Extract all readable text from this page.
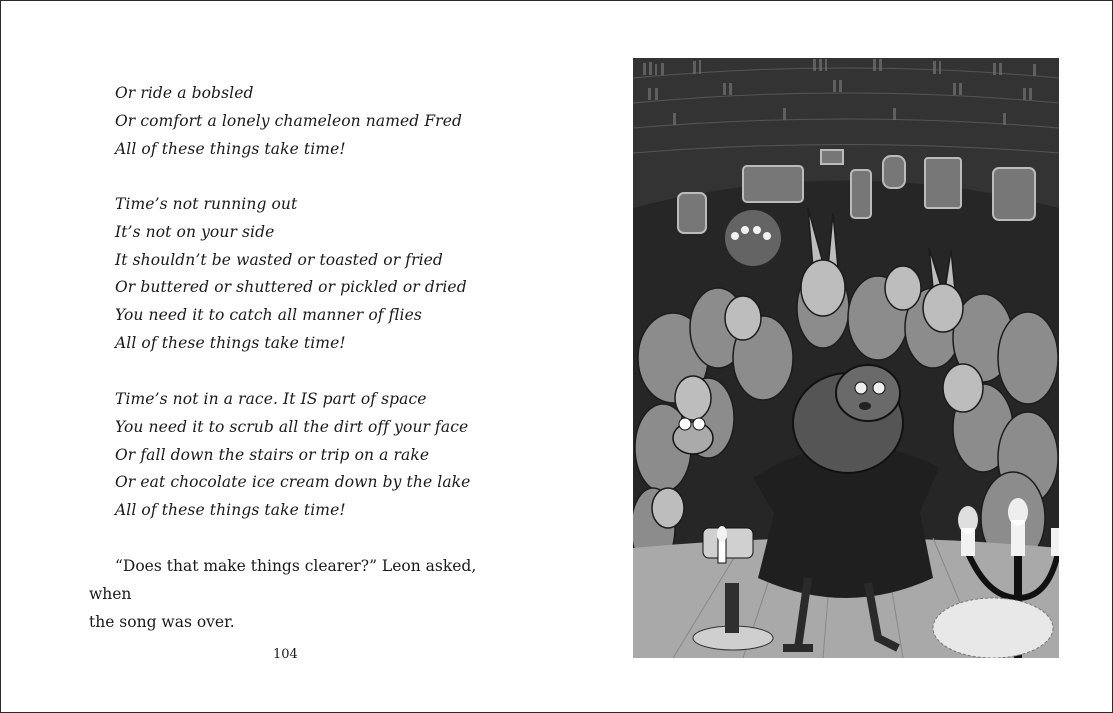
Or ride a bobsled
Or comfort a lonely chameleon named Fred
All of these things take time!
Time’s not running out
It’s not on your side
It shouldn’t be wasted or toasted or fried
Or buttered or shuttered or pickled or dried
You need it to catch all manner of flies
All of these things take time!
Time’s not in a race. It IS part of space
You need it to scrub all the dirt off your face
Or fall down the stairs or trip on a rake
Or eat chocolate ice cream down by the lake
All of these things take time!
“Does that make things clearer?” Leon asked, when
the song was over.
104
